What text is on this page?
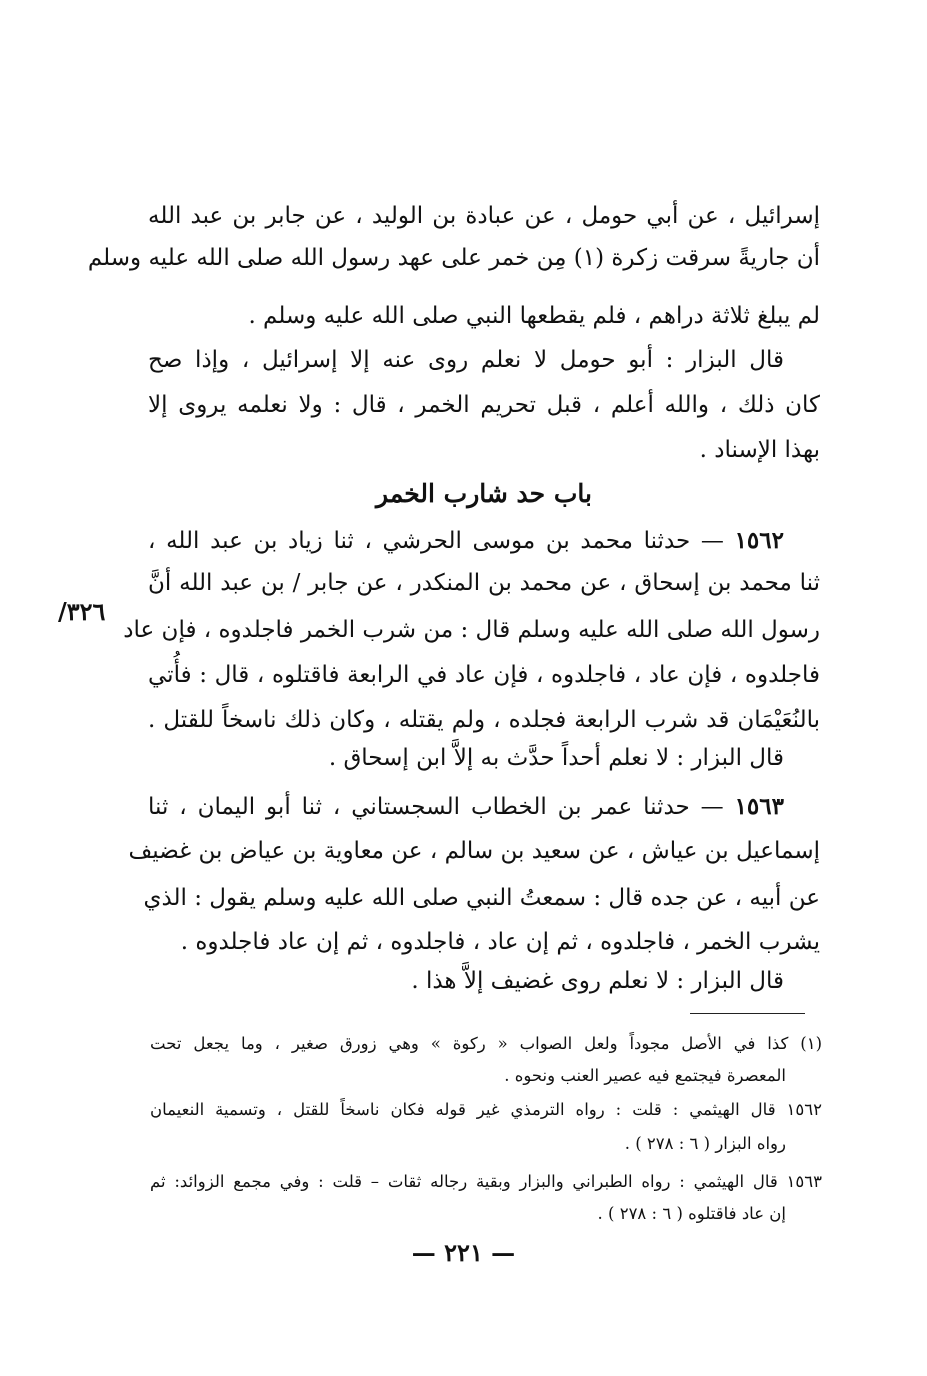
إسرائيل ، عن أبي حومل ، عن عبادة بن الوليد ، عن جابر بن عبد الله
أن جاريةً سرقت زكرة (١) مِن خمر على عهد رسول الله صلى الله عليه وسلم
لم يبلغ ثلاثة دراهم ، فلم يقطعها النبي صلى الله عليه وسلم .
قال البزار : أبو حومل لا نعلم روى عنه إلا إسرائيل ، وإذا صح
كان ذلك ، والله أعلم ، قبل تحريم الخمر ، قال : ولا نعلمه يروى إلا
بهذا الإسناد .
باب حد شارب الخمر
١٥٦٢ — حدثنا محمد بن موسى الحرشي ، ثنا زياد بن عبد الله ،
ثنا محمد بن إسحاق ، عن محمد بن المنكدر ، عن جابر / بن عبد الله أنَّ
٣٢٦/
رسول الله صلى الله عليه وسلم قال : من شرب الخمر فاجلدوه ، فإن عاد
فاجلدوه ، فإن عاد ، فاجلدوه ، فإن عاد في الرابعة فاقتلوه ، قال : فأُتي
بالنُعَيْمَان قد شرب الرابعة فجلده ، ولم يقتله ، وكان ذلك ناسخاً للقتل .
قال البزار : لا نعلم أحداً حدَّث به إلاَّ ابن إسحاق .
١٥٦٣ — حدثنا عمر بن الخطاب السجستاني ، ثنا أبو اليمان ، ثنا
إسماعيل بن عياش ، عن سعيد بن سالم ، عن معاوية بن عياض بن غضيف
عن أبيه ، عن جده قال : سمعتُ النبي صلى الله عليه وسلم يقول : الذي
يشرب الخمر ، فاجلدوه ، ثم إن عاد ، فاجلدوه ، ثم إن عاد فاجلدوه .
قال البزار : لا نعلم روى غضيف إلاَّ هذا .
(١) كذا في الأصل مجوداً ولعل الصواب « ركوة » وهي زورق صغير ، وما يجعل تحت
المعصرة فيجتمع فيه عصير العنب ونحوه .
١٥٦٢ قال الهيثمي : قلت : رواه الترمذي غير قوله فكان ناسخاً للقتل ، وتسمية النعيمان
رواه البزار ( ٦ : ٢٧٨ ) .
١٥٦٣ قال الهيثمي : رواه الطبراني والبزار وبقية رجاله ثقات – قلت : وفي مجمع الزوائد: ثم
إن عاد فاقتلوه ( ٦ : ٢٧٨ ) .
— ٢٢١ —
